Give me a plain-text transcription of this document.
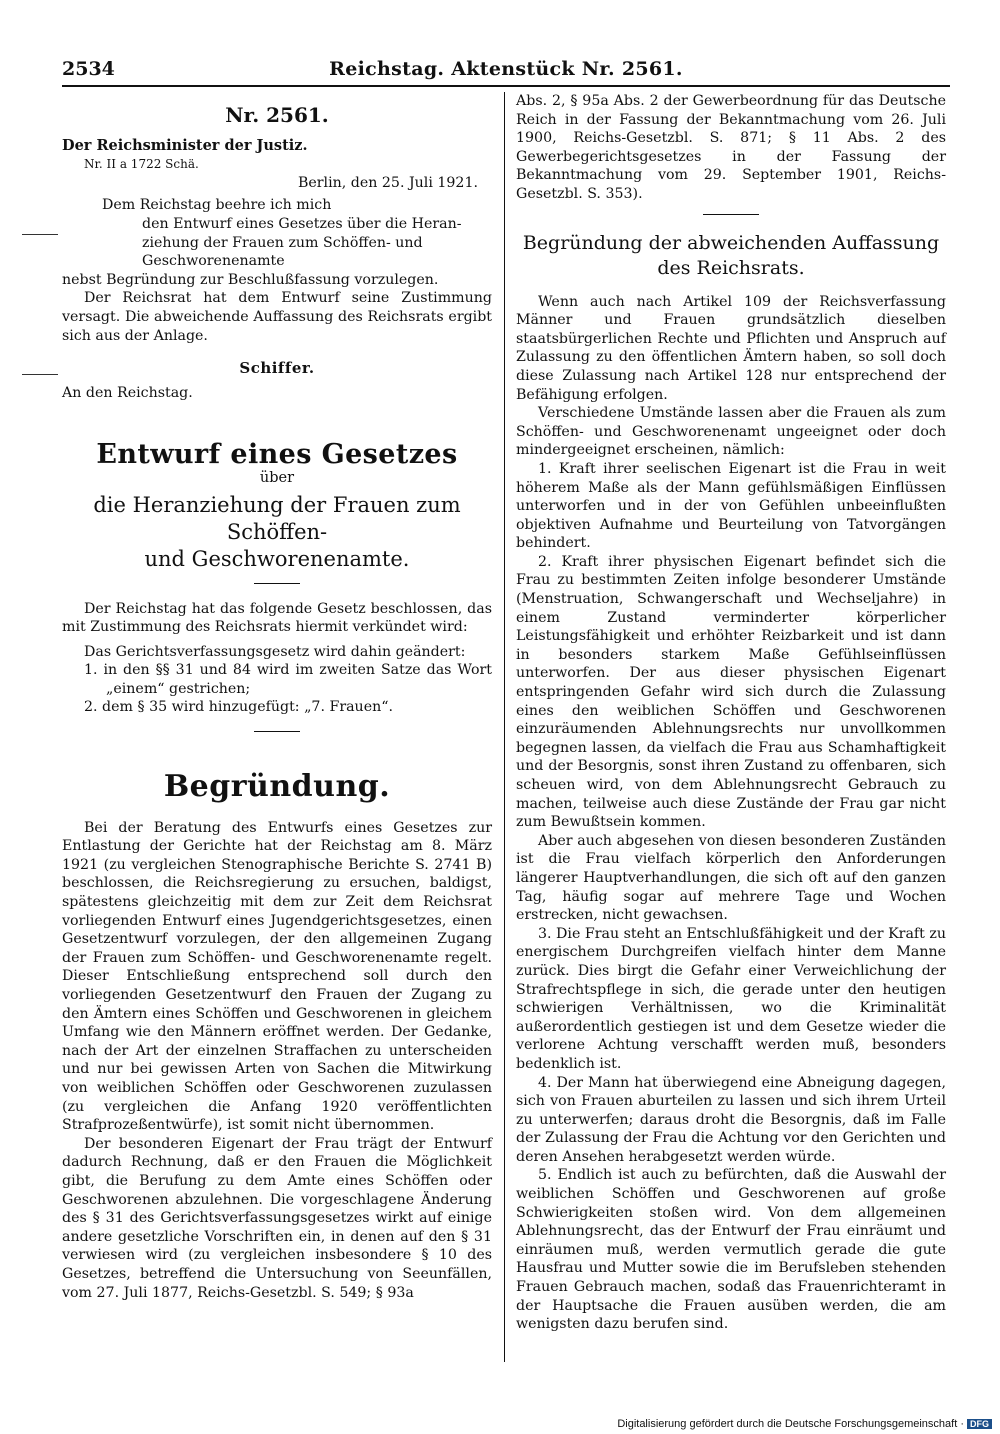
2534	Reichstag. Aktenstück Nr. 2561.
Nr. 2561.

Der Reichsminister der Justiz.

Nr. II a 1722 Schä.

Berlin, den 25. Juli 1921.

Dem Reichstag beehre ich mich

den Entwurf eines Gesetzes über die Heran-

ziehung der Frauen zum Schöffen- und

Geschworenenamte

nebst Begründung zur Beschlußfassung vorzulegen.

Der Reichsrat hat dem Entwurf seine Zustimmung versagt. Die abweichende Auffassung des Reichsrats ergibt sich aus der Anlage.

Schiffer.

An den Reichstag.

Entwurf eines Gesetzes
über
die Heranziehung der Frauen zum Schöffen-
und Geschworenenamte.

Der Reichstag hat das folgende Gesetz beschlossen, das mit Zustimmung des Reichsrats hiermit verkündet wird:

Das Gerichtsverfassungsgesetz wird dahin geändert:

1. in den §§ 31 und 84 wird im zweiten Satze das Wort „einem“ gestrichen;

2. dem § 35 wird hinzugefügt: „7. Frauen“.

Begründung.

Bei der Beratung des Entwurfs eines Gesetzes zur Entlastung der Gerichte hat der Reichstag am 8. März 1921 (zu vergleichen Stenographische Berichte S. 2741 B) beschlossen, die Reichsregierung zu ersuchen, baldigst, spätestens gleichzeitig mit dem zur Zeit dem Reichsrat vorliegenden Entwurf eines Jugendgerichtsgesetzes, einen Gesetzentwurf vorzulegen, der den allgemeinen Zugang der Frauen zum Schöffen- und Geschworenenamte regelt. Dieser Entschließung entsprechend soll durch den vorliegenden Gesetzentwurf den Frauen der Zugang zu den Ämtern eines Schöffen und Geschworenen in gleichem Umfang wie den Männern eröffnet werden. Der Gedanke, nach der Art der einzelnen Straffachen zu unterscheiden und nur bei gewissen Arten von Sachen die Mitwirkung von weiblichen Schöffen oder Geschworenen zuzulassen (zu vergleichen die Anfang 1920 veröffentlichten Strafprozeßentwürfe), ist somit nicht übernommen.

Der besonderen Eigenart der Frau trägt der Entwurf dadurch Rechnung, daß er den Frauen die Möglichkeit gibt, die Berufung zu dem Amte eines Schöffen oder Geschworenen abzulehnen. Die vorgeschlagene Änderung des § 31 des Gerichtsverfassungsgesetzes wirkt auf einige andere gesetzliche Vorschriften ein, in denen auf den § 31 verwiesen wird (zu vergleichen insbesondere § 10 des Gesetzes, betreffend die Untersuchung von Seeunfällen, vom 27. Juli 1877, Reichs-Gesetzbl. S. 549; § 93a

Abs. 2, § 95a Abs. 2 der Gewerbeordnung für das Deutsche Reich in der Fassung der Bekanntmachung vom 26. Juli 1900, Reichs-Gesetzbl. S. 871; § 11 Abs. 2 des Gewerbegerichtsgesetzes in der Fassung der Bekanntmachung vom 29. September 1901, Reichs-Gesetzbl. S. 353).

Begründung der abweichenden Auffassung
des Reichsrats.

Wenn auch nach Artikel 109 der Reichsverfassung Männer und Frauen grundsätzlich dieselben staatsbürgerlichen Rechte und Pflichten und Anspruch auf Zulassung zu den öffentlichen Ämtern haben, so soll doch diese Zulassung nach Artikel 128 nur entsprechend der Befähigung erfolgen.

Verschiedene Umstände lassen aber die Frauen als zum Schöffen- und Geschworenenamt ungeeignet oder doch mindergeeignet erscheinen, nämlich:

1. Kraft ihrer seelischen Eigenart ist die Frau in weit höherem Maße als der Mann gefühlsmäßigen Einflüssen unterworfen und in der von Gefühlen unbeeinflußten objektiven Aufnahme und Beurteilung von Tatvorgängen behindert.

2. Kraft ihrer physischen Eigenart befindet sich die Frau zu bestimmten Zeiten infolge besonderer Umstände (Menstruation, Schwangerschaft und Wechseljahre) in einem Zustand verminderter körperlicher Leistungsfähigkeit und erhöhter Reizbarkeit und ist dann in besonders starkem Maße Gefühlseinflüssen unterworfen. Der aus dieser physischen Eigenart entspringenden Gefahr wird sich durch die Zulassung eines den weiblichen Schöffen und Geschworenen einzuräumenden Ablehnungsrechts nur unvollkommen begegnen lassen, da vielfach die Frau aus Schamhaftigkeit und der Besorgnis, sonst ihren Zustand zu offenbaren, sich scheuen wird, von dem Ablehnungsrecht Gebrauch zu machen, teilweise auch diese Zustände der Frau gar nicht zum Bewußtsein kommen.

Aber auch abgesehen von diesen besonderen Zuständen ist die Frau vielfach körperlich den Anforderungen längerer Hauptverhandlungen, die sich oft auf den ganzen Tag, häufig sogar auf mehrere Tage und Wochen erstrecken, nicht gewachsen.

3. Die Frau steht an Entschlußfähigkeit und der Kraft zu energischem Durchgreifen vielfach hinter dem Manne zurück. Dies birgt die Gefahr einer Verweichlichung der Strafrechtspflege in sich, die gerade unter den heutigen schwierigen Verhältnissen, wo die Kriminalität außerordentlich gestiegen ist und dem Gesetze wieder die verlorene Achtung verschafft werden muß, besonders bedenklich ist.

4. Der Mann hat überwiegend eine Abneigung dagegen, sich von Frauen aburteilen zu lassen und sich ihrem Urteil zu unterwerfen; daraus droht die Besorgnis, daß im Falle der Zulassung der Frau die Achtung vor den Gerichten und deren Ansehen herabgesetzt werden würde.

5. Endlich ist auch zu befürchten, daß die Auswahl der weiblichen Schöffen und Geschworenen auf große Schwierigkeiten stoßen wird. Von dem allgemeinen Ablehnungsrecht, das der Entwurf der Frau einräumt und einräumen muß, werden vermutlich gerade die gute Hausfrau und Mutter sowie die im Berufsleben stehenden Frauen Gebrauch machen, sodaß das Frauenrichteramt in der Hauptsache die Frauen ausüben werden, die am wenigsten dazu berufen sind.

Digitalisierung gefördert durch die Deutsche Forschungsgemeinschaft · DFG
